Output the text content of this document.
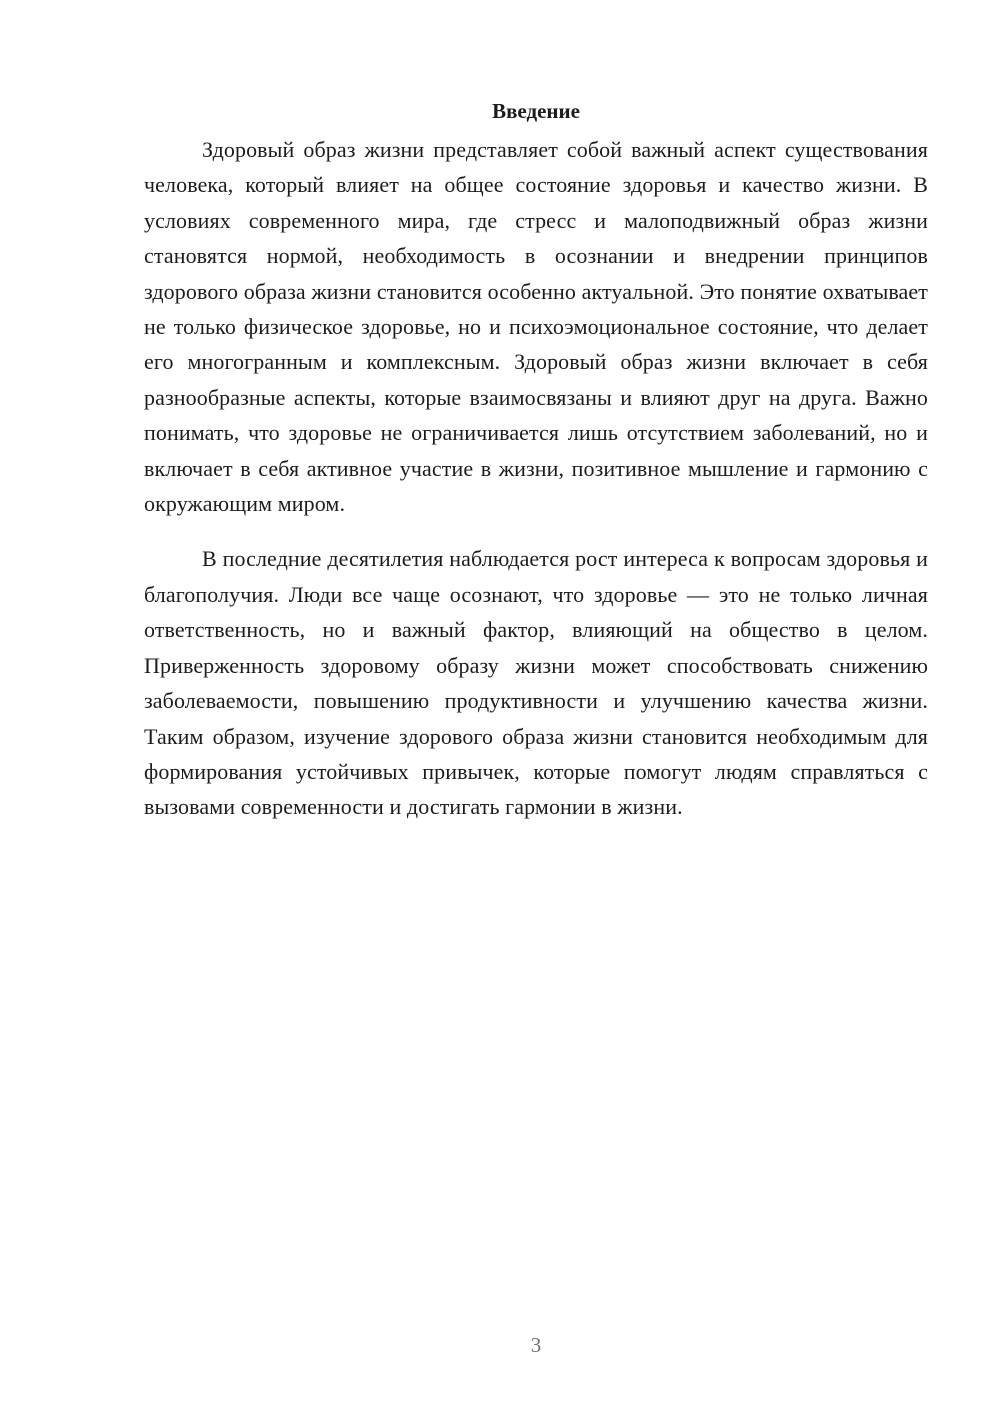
Введение

Здоровый образ жизни представляет собой важный аспект существования человека, который влияет на общее состояние здоровья и качество жизни. В условиях современного мира, где стресс и малоподвижный образ жизни становятся нормой, необходимость в осознании и внедрении принципов здорового образа жизни становится особенно актуальной. Это понятие охватывает не только физическое здоровье, но и психоэмоциональное состояние, что делает его многогранным и комплексным. Здоровый образ жизни включает в себя разнообразные аспекты, которые взаимосвязаны и влияют друг на друга. Важно понимать, что здоровье не ограничивается лишь отсутствием заболеваний, но и включает в себя активное участие в жизни, позитивное мышление и гармонию с окружающим миром.

В последние десятилетия наблюдается рост интереса к вопросам здоровья и благополучия. Люди все чаще осознают, что здоровье — это не только личная ответственность, но и важный фактор, влияющий на общество в целом. Приверженность здоровому образу жизни может способствовать снижению заболеваемости, повышению продуктивности и улучшению качества жизни. Таким образом, изучение здорового образа жизни становится необходимым для формирования устойчивых привычек, которые помогут людям справляться с вызовами современности и достигать гармонии в жизни.

3
